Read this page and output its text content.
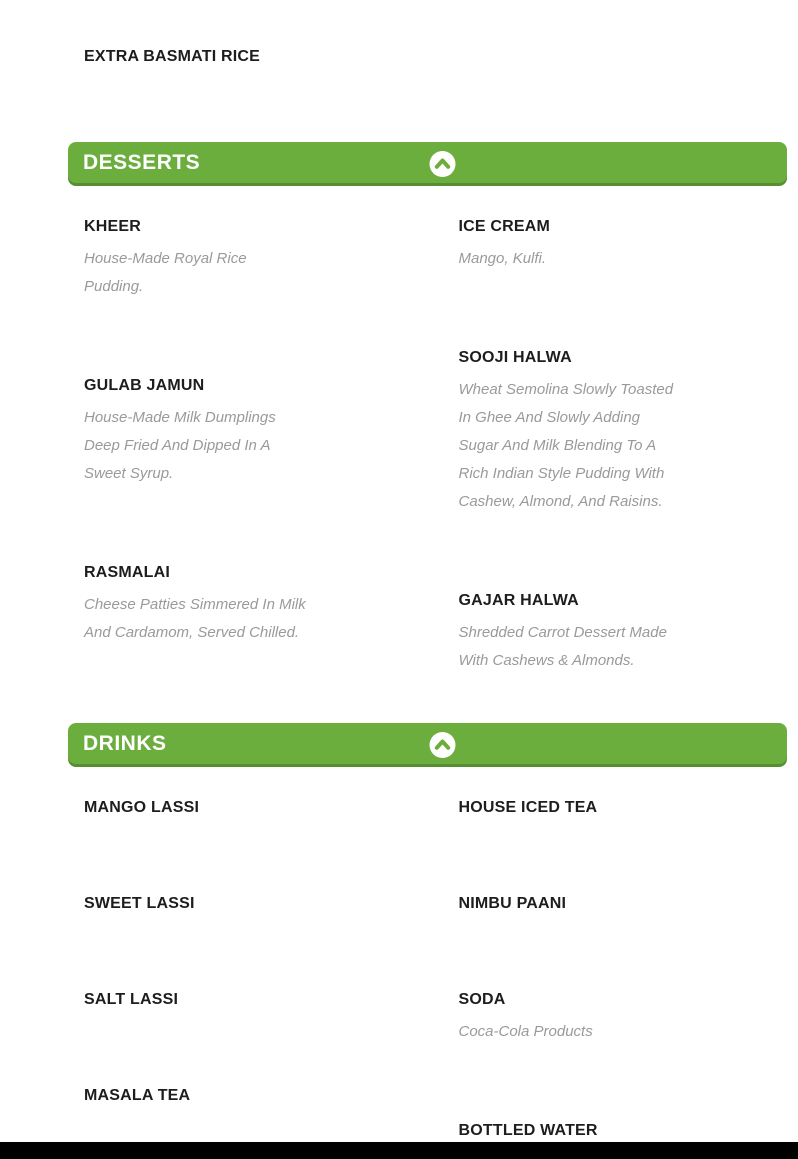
EXTRA BASMATI RICE
DESSERTS
KHEER

House-Made Royal Rice
Pudding.

GULAB JAMUN

House-Made Milk Dumplings
Deep Fried And Dipped In A
Sweet Syrup.

RASMALAI

Cheese Patties Simmered In Milk
And Cardamom, Served Chilled.

ICE CREAM

Mango, Kulfi.

SOOJI HALWA

Wheat Semolina Slowly Toasted
In Ghee And Slowly Adding
Sugar And Milk Blending To A
Rich Indian Style Pudding With
Cashew, Almond, And Raisins.

GAJAR HALWA

Shredded Carrot Dessert Made
With Cashews & Almonds.

DRINKS
MANGO LASSI
SWEET LASSI
SALT LASSI
MASALA TEA
HOUSE ICED TEA
NIMBU PAANI
SODA

Coca-Cola Products

BOTTLED WATER
